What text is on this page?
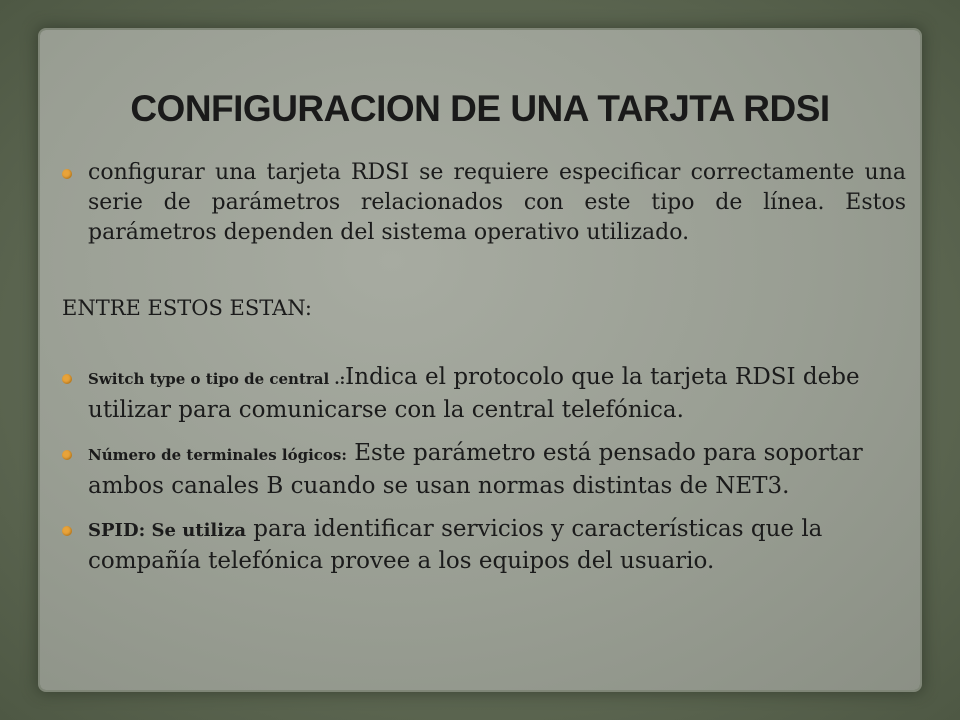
CONFIGURACION DE UNA TARJTA RDSI

configurar una tarjeta RDSI se requiere especificar correctamente una serie de parámetros relacionados con este tipo de línea. Estos parámetros dependen del sistema operativo utilizado.

ENTRE ESTOS ESTAN:

Switch type o tipo de central .:Indica el protocolo que la tarjeta RDSI debe utilizar para comunicarse con la central telefónica.

Número de terminales lógicos: Este parámetro está pensado para soportar ambos canales B cuando se usan normas distintas de NET3.

SPID: Se utiliza para identificar servicios y características que la compañía telefónica provee a los equipos del usuario.
